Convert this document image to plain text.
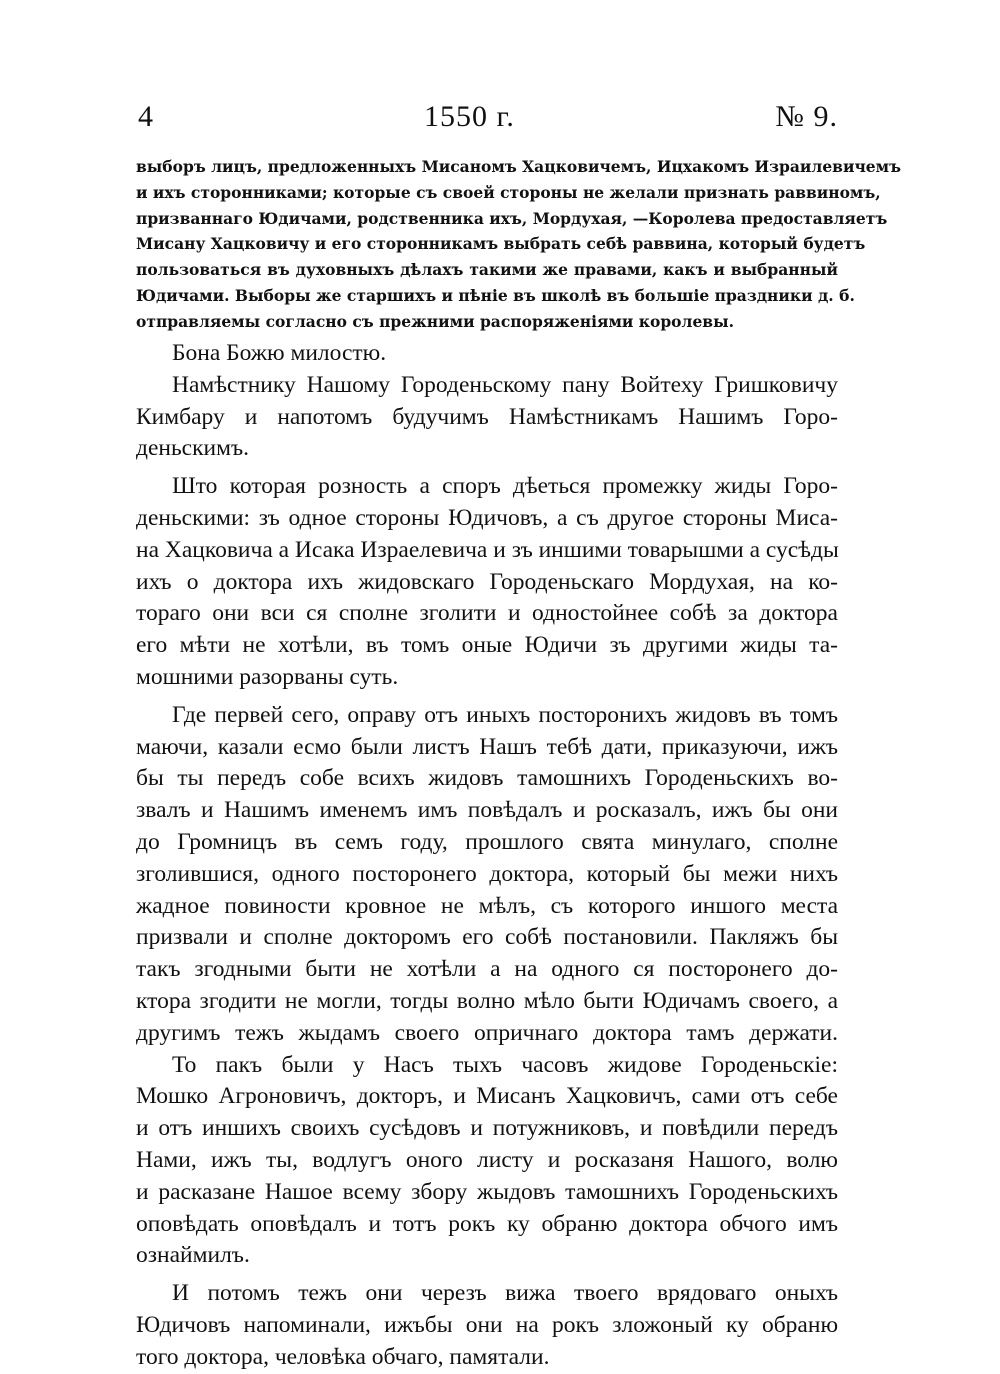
4	1550 г.	№ 9.
выборъ лицъ, предложенныхъ Мисаномъ Хацковичемъ, Ицхакомъ Израилевичемъ
и ихъ сторонниками; которые съ своей стороны не желали признать раввиномъ,
призваннаго Юдичами, родственника ихъ, Мордухая, —Королева предоставляетъ
Мисану Хацковичу и его сторонникамъ выбрать себѣ раввина, который будетъ
пользоваться въ духовныхъ дѣлахъ такими же правами, какъ и выбранный
Юдичами. Выборы же старшихъ и пѣніе въ школѣ въ большіе праздники д. б.
отправляемы согласно съ прежними распоряженіями королевы.
Бона Божю милостю.
Намѣстнику Нашому Городеньскому пану Войтеху Гришковичу
Кимбару и напотомъ будучимъ Намѣстникамъ Нашимъ Горо-
деньскимъ.
Што которая розность а споръ дѣеться промежку жиды Горо-
деньскими: зъ одное стороны Юдичовъ, а съ другое стороны Миса-
на Хацковича а Исака Израелевича и зъ иншими товарышми а сусѣды
ихъ о доктора ихъ жидовскаго Городеньскаго Мордухая, на ко-
тораго они вси ся сполне зголити и одностойнее собѣ за доктора
его мѣти не хотѣли, въ томъ оные Юдичи зъ другими жиды та-
мошними разорваны суть.
Где первей сего, оправу отъ иныхъ посторонихъ жидовъ въ томъ
маючи, казали есмо были листъ Нашъ тебѣ дати, приказуючи, ижъ
бы ты передъ собе всихъ жидовъ тамошнихъ Городеньскихъ во-
звалъ и Нашимъ именемъ имъ повѣдалъ и росказалъ, ижъ бы они
до Громницъ въ семъ году, прошлого свята минулаго, сполне
зголившися, одного посторонего доктора, который бы межи нихъ
жадное повиности кровное не мѣлъ, съ которого иншого места
призвали и сполне докторомъ его собѣ постановили. Пакляжъ бы
такъ згодными быти не хотѣли а на одного ся посторонего до-
ктора згодити не могли, тогды волно мѣло быти Юдичамъ своего, а
другимъ тежъ жыдамъ своего опричнаго доктора тамъ держати.
То пакъ были у Насъ тыхъ часовъ жидове Городеньскіе:
Мошко Агроновичъ, докторъ, и Мисанъ Хацковичъ, сами отъ себе
и отъ иншихъ своихъ сусѣдовъ и потужниковъ, и повѣдили передъ
Нами, ижъ ты, водлугъ оного листу и росказаня Нашого, волю
и расказане Нашое всему збору жыдовъ тамошнихъ Городеньскихъ
оповѣдать оповѣдалъ и тотъ рокъ ку обраню доктора обчого имъ
ознаймилъ.
И потомъ тежъ они черезъ вижа твоего врядоваго оныхъ
Юдичовъ напоминали, ижъбы они на рокъ зложоный ку обраню
того доктора, человѣка обчаго, памятали.
